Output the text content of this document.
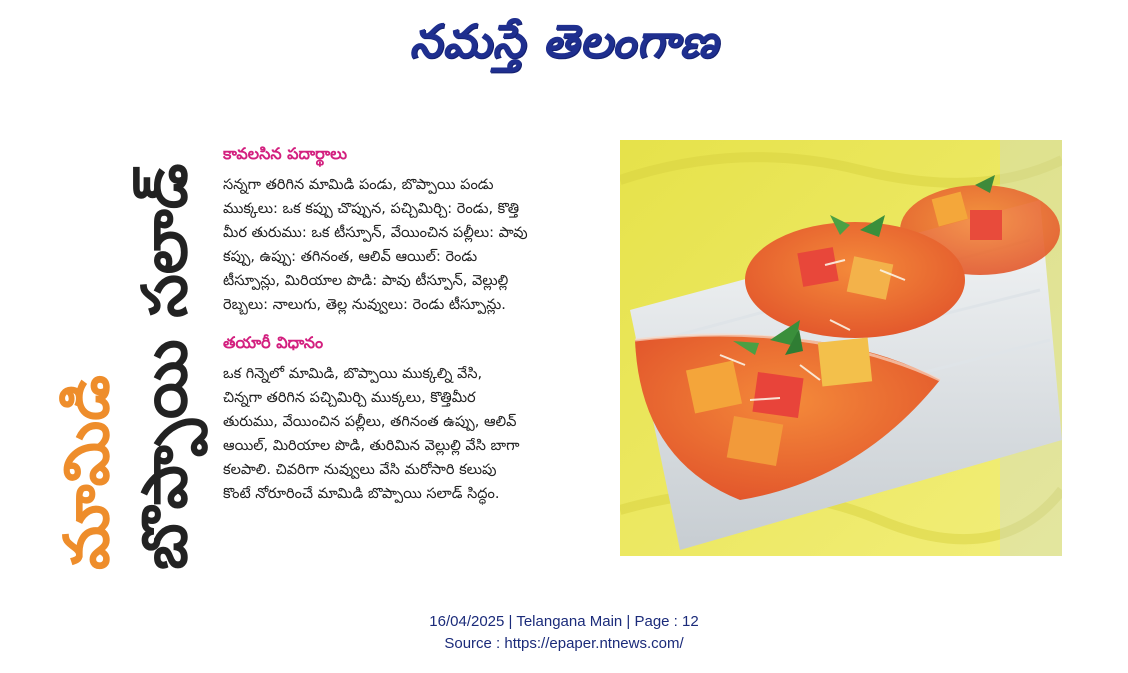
నమస్తే తెలంగాణ
మామిడి బొప్పాయి సలాడ్
కావలసిన పదార్థాలు

సన్నగా తరిగిన మామిడి పండు, బొప్పాయి పండు
ముక్కలు: ఒక కప్పు చొప్పున, పచ్చిమిర్చి: రెండు, కొత్తి
మీర తురుము: ఒక టీస్పూన్, వేయించిన పల్లీలు: పావు
కప్పు, ఉప్పు: తగినంత, ఆలివ్ ఆయిల్: రెండు
టీస్పూన్లు, మిరియాల పొడి: పావు టీస్పూన్, వెల్లుల్లి
రెబ్బలు: నాలుగు, తెల్ల నువ్వులు: రెండు టీస్పూన్లు.

తయారీ విధానం

ఒక గిన్నెలో మామిడి, బొప్పాయి ముక్కల్ని వేసి,
చిన్నగా తరిగిన పచ్చిమిర్చి ముక్కలు, కొత్తిమీర
తురుము, వేయించిన పల్లీలు, తగినంత ఉప్పు, ఆలివ్
ఆయిల్, మిరియాల పొడి, తురిమిన వెల్లుల్లి వేసి బాగా
కలపాలి. చివరిగా నువ్వులు వేసి మరోసారి కలుపు
కొంటే నోరూరించే మామిడి బొప్పాయి సలాడ్ సిద్ధం.

16/04/2025 | Telangana Main | Page : 12
Source : https://epaper.ntnews.com/
